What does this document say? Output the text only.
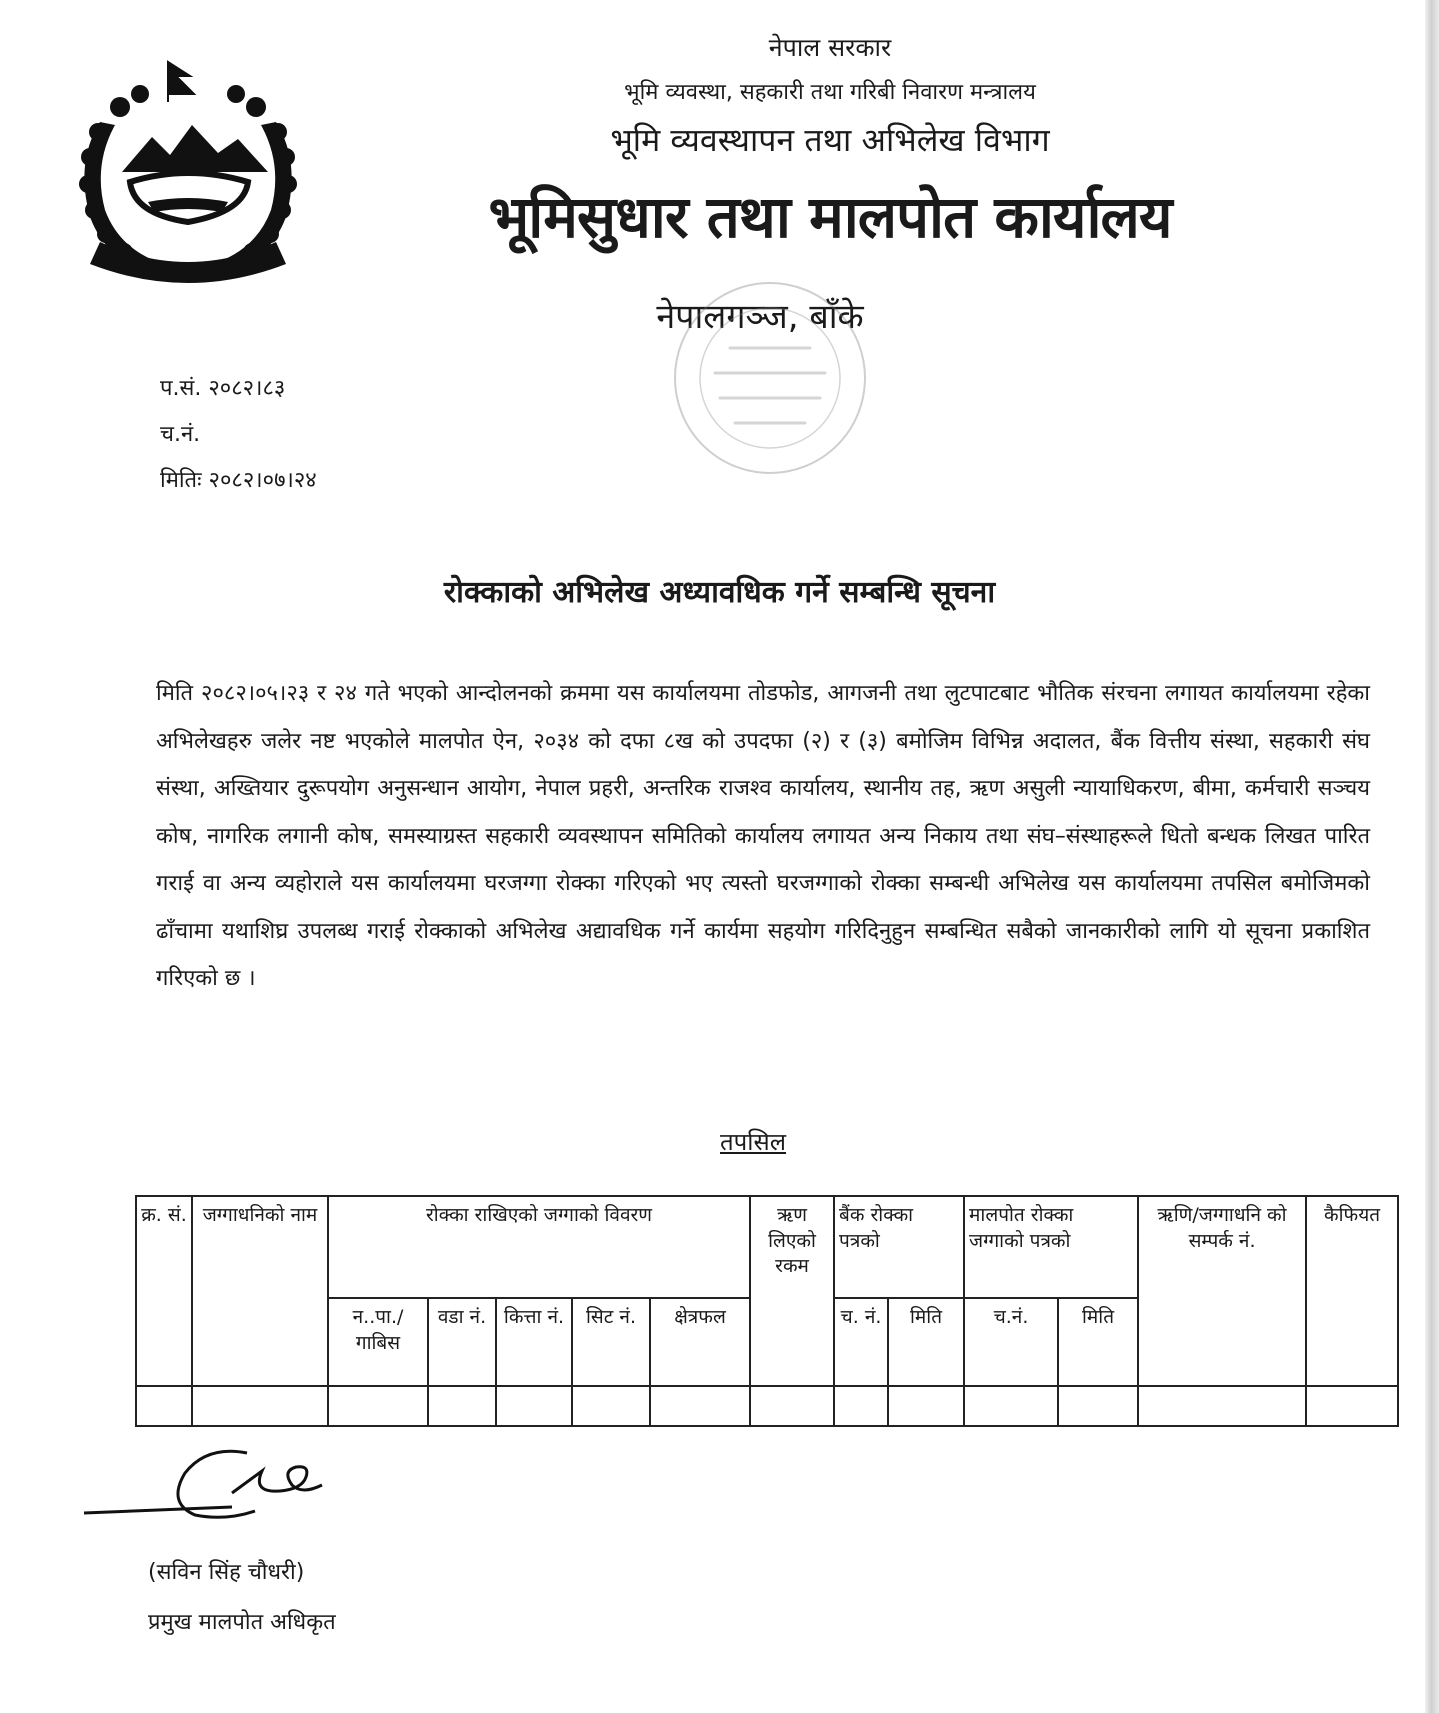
नेपाल सरकार
भूमि व्यवस्था, सहकारी तथा गरिबी निवारण मन्त्रालय
भूमि व्यवस्थापन तथा अभिलेख विभाग
भूमिसुधार तथा मालपोत कार्यालय
नेपालगञ्ज, बाँके
प.सं. २०८२।८३
च.नं.
मितिः २०८२।०७।२४
रोक्काको अभिलेख अध्यावधिक गर्ने सम्बन्धि सूचना

मिति २०८२।०५।२३ र २४ गते भएको आन्दोलनको क्रममा यस कार्यालयमा तोडफोड, आगजनी तथा लुटपाटबाट भौतिक संरचना लगायत कार्यालयमा रहेका अभिलेखहरु जलेर नष्ट भएकोले मालपोत ऐन, २०३४ को दफा ८ख को उपदफा (२) र (३) बमोजिम विभिन्न अदालत, बैंक वित्तीय संस्था, सहकारी संघ संस्था, अख्तियार दुरूपयोग अनुसन्धान आयोग, नेपाल प्रहरी, अन्तरिक राजश्व कार्यालय, स्थानीय तह, ऋण असुली न्यायाधिकरण, बीमा, कर्मचारी सञ्चय कोष, नागरिक लगानी कोष, समस्याग्रस्त सहकारी व्यवस्थापन समितिको कार्यालय लगायत अन्य निकाय तथा संघ–संस्थाहरूले धितो बन्धक लिखत पारित गराई वा अन्य व्यहोराले यस कार्यालयमा घरजग्गा रोक्का गरिएको भए त्यस्तो घरजग्गाको रोक्का सम्बन्धी अभिलेख यस कार्यालयमा तपसिल बमोजिमको ढाँचामा यथाशिघ्र उपलब्ध गराई रोक्काको अभिलेख अद्यावधिक गर्ने कार्यमा सहयोग गरिदिनुहुन सम्बन्धित सबैको जानकारीको लागि यो सूचना प्रकाशित गरिएको छ ।

तपसिल
क्र. सं.	जग्गाधनिको नाम	रोक्का राखिएको जग्गाको विवरण					ऋण लिएको रकम	बैंक रोक्का पत्रको		मालपोत रोक्का जग्गाको पत्रको		ऋणि/जग्गाधनि को सम्पर्क नं.	कैफियत
		न..पा./ गाबिस	वडा नं.	कित्ता नं.	सिट नं.	क्षेत्रफल		च. नं.	मिति	च.नं.	मिति		

(सविन सिंह चौधरी)
प्रमुख मालपोत अधिकृत
